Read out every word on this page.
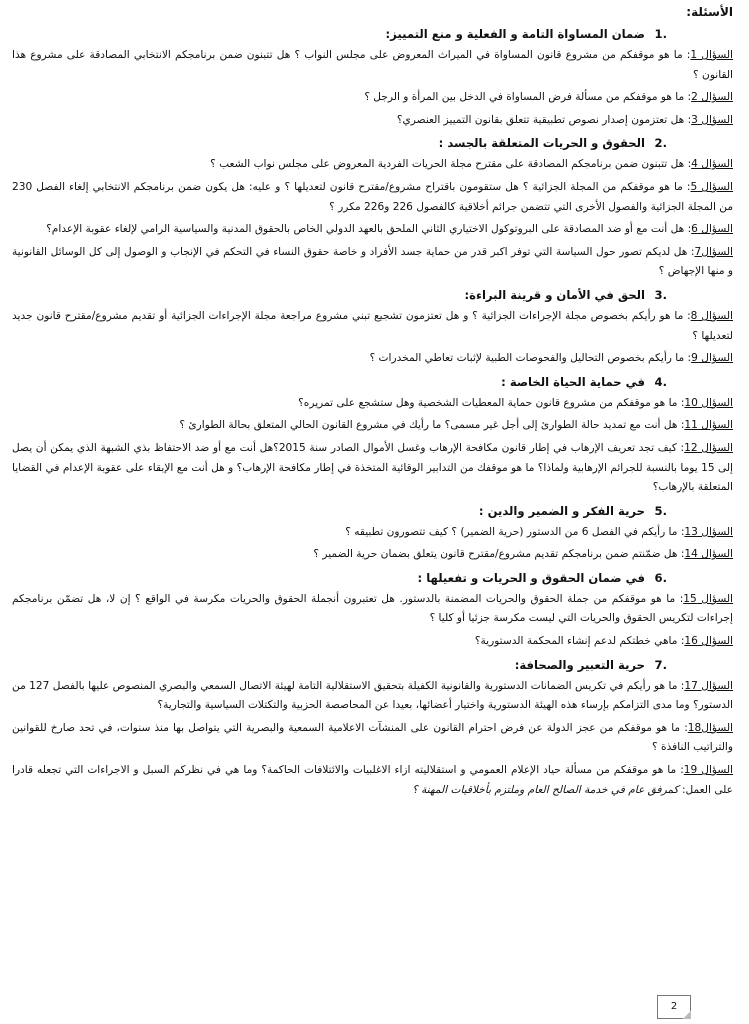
الأسئلة:
.1ضمان المساواة التامة و الفعلية و منع التمييز:
السؤال 1: ما هو موقفكم من مشروع قانون المساواة في الميراث المعروض على مجلس النواب ؟ هل تتبنون ضمن برنامجكم الانتخابي المصادقة على مشروع هذا القانون ؟
السؤال 2: ما هو موقفكم من مسألة فرض المساواة في الدخل بين المرأة و الرجل ؟
السؤال 3: هل تعتزمون إصدار نصوص تطبيقية تتعلق بقانون التمييز العنصري؟
.2الحقوق و الحريات المتعلقة بالجسد :
السؤال 4: هل تتبنون ضمن برنامجكم المصادقة على مقترح مجلة الحريات الفردية المعروض على مجلس نواب الشعب ؟
السؤال 5: ما هو موقفكم من المجلة الجزائية ؟ هل ستقومون باقتراح مشروع/مقترح قانون لتعديلها ؟ و عليه: هل يكون ضمن برنامجكم الانتخابي إلغاء الفصل 230 من المجلة الجزائية والفصول الأخرى التي تتضمن جرائم أخلاقية كالفصول 226 و226 مكرر ؟
السؤال 6: هل أنت مع أو ضد المصادقة على البروتوكول الاختياري الثاني الملحق بالعهد الدولي الخاص بالحقوق المدنية والسياسية الرامي لإلغاء عقوبة الإعدام؟
السؤال7: هل لديكم تصور حول السياسة التي توفر اكبر قدر من حماية جسد الأفراد و خاصة حقوق النساء في التحكم في الإنجاب و الوصول إلى كل الوسائل القانونية و منها الإجهاض ؟
.3الحق في الأمان و قرينة البراءة:
السؤال 8: ما هو رأيكم بخصوص مجلة الإجراءات الجزائية ؟ و هل تعتزمون تشجيع تبني مشروع مراجعة مجلة الإجراءات الجزائية أو تقديم مشروع/مقترح قانون جديد لتعديلها ؟
السؤال 9: ما رأيكم بخصوص التحاليل والفحوصات الطبية لإثبات تعاطي المخدرات ؟
.4في حماية الحياة الخاصة :
السؤال 10: ما هو موقفكم من مشروع قانون حماية المعطيات الشخصية وهل ستشجع على تمريره؟
السؤال 11: هل أنت مع تمديد حالة الطوارئ إلى أجل غير مسمى؟ ما رأيك في مشروع القانون الحالي المتعلق بحالة الطوارئ ؟
السؤال 12: كيف تجد تعريف الإرهاب في إطار قانون مكافحة الإرهاب وغسل الأموال الصادر سنة 2015؟هل أنت مع أو ضد الاحتفاظ بذي الشبهة الذي يمكن أن يصل إلى 15 يوما بالنسبة للجرائم الإرهابية ولماذا؟ ما هو موقفك من التدابير الوقائية المتخذة في إطار مكافحة الإرهاب؟ و هل أنت مع الإبقاء على عقوبة الإعدام في القضايا المتعلقة بالإرهاب؟
.5حرية الفكر و الضمير والدين :
السؤال 13: ما رأيكم في الفصل 6 من الدستور (حرية الضمير) ؟ كيف تتصورون تطبيقه ؟
السؤال 14: هل ضمّنتم ضمن برنامجكم تقديم مشروع/مقترح قانون يتعلق بضمان حرية الضمير ؟
.6في ضمان الحقوق و الحريات و تفعيلها :
السؤال 15: ما هو موقفكم من جملة الحقوق والحريات المضمنة بالدستور. هل تعتبرون أنجملة الحقوق والحريات مكرسة في الواقع ؟ إن لا، هل تضمّن برنامجكم إجراءات لتكريس الحقوق والحريات التي ليست مكرسة جزئيا أو كليا ؟
السؤال 16: ماهي خطتكم لدعم إنشاء المحكمة الدستورية؟
.7حرية التعبير والصحافة:
السؤال 17: ما هو رأيكم في تكريس الضمانات الدستورية والقانونية الكفيلة بتحقيق الاستقلالية التامة لهيئة الاتصال السمعي والبصري المنصوص عليها بالفصل 127 من الدستور؟ وما مدى التزامكم بإرساء هذه الهيئة الدستورية واختيار أعضائها، بعيدا عن المحاصصة الحزبية والتكتلات السياسية والتجارية؟
السؤال18: ما هو موقفكم من عجز الدولة عن فرض احترام القانون على المنشآت الاعلامية السمعية والبصرية التي يتواصل بها منذ سنوات، في تحد صارخ للقوانين والتراتيب النافذة ؟
السؤال 19: ما هو موقفكم من مسألة حياد الإعلام العمومي و استقلاليته ازاء الاغلبيات والائتلافات الحاكمة؟ وما هي في نظركم السبل و الاجراءات التي تجعله قادرا على العمل: كمرفق عام في خدمة الصالح العام وملتزم بأخلاقيات المهنة ؟
2
